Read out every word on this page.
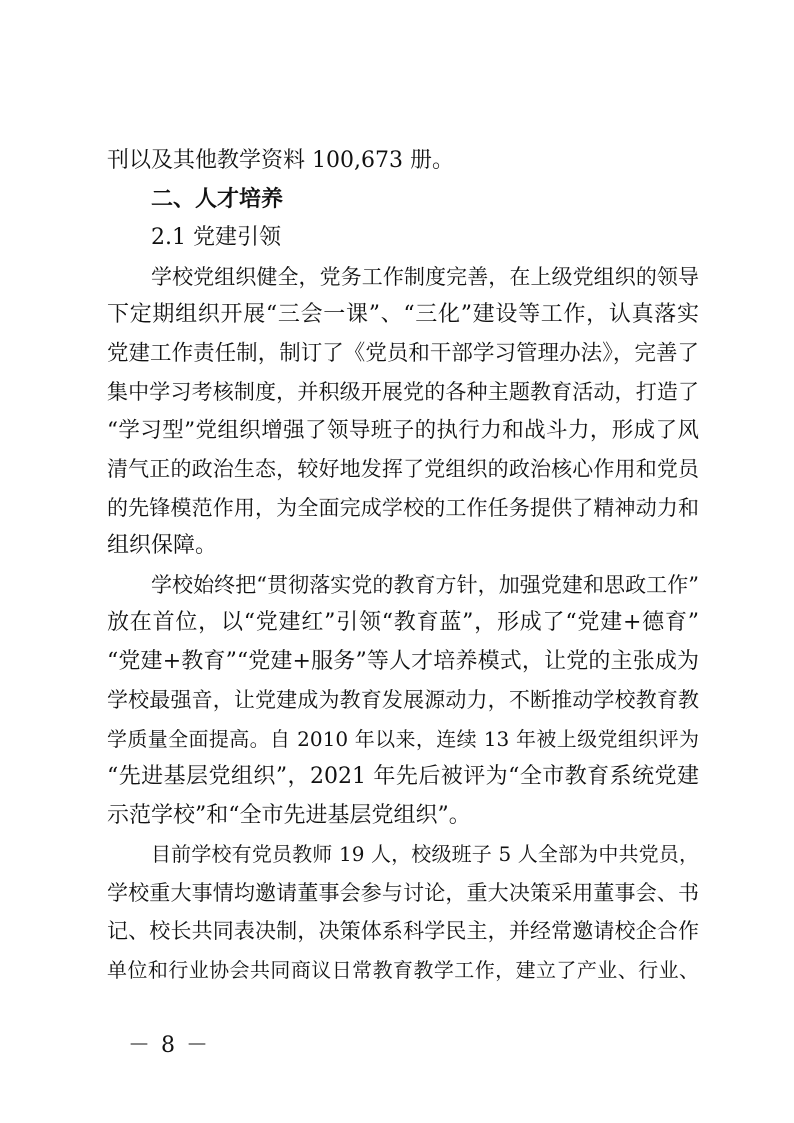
刊以及其他教学资料 100,673 册。
二、人才培养
2.1 党建引领
学校党组织健全，党务工作制度完善，在上级党组织的领导
下定期组织开展“三会一课”、“三化”建设等工作，认真落实
党建工作责任制，制订了《党员和干部学习管理办法》，完善了
集中学习考核制度，并积级开展党的各种主题教育活动，打造了
“学习型”党组织增强了领导班子的执行力和战斗力，形成了风
清气正的政治生态，较好地发挥了党组织的政治核心作用和党员
的先锋模范作用，为全面完成学校的工作任务提供了精神动力和
组织保障。
学校始终把“贯彻落实党的教育方针，加强党建和思政工作”
放在首位，以“党建红”引领“教育蓝”，形成了“党建+德育”
“党建+教育”“党建+服务”等人才培养模式，让党的主张成为
学校最强音，让党建成为教育发展源动力，不断推动学校教育教
学质量全面提高。自 2010 年以来，连续 13 年被上级党组织评为
“先进基层党组织”，2021 年先后被评为“全市教育系统党建
示范学校”和“全市先进基层党组织”。
目前学校有党员教师 19 人，校级班子 5 人全部为中共党员，
学校重大事情均邀请董事会参与讨论，重大决策采用董事会、书
记、校长共同表决制，决策体系科学民主，并经常邀请校企合作
单位和行业协会共同商议日常教育教学工作，建立了产业、行业、
－ 8 －
